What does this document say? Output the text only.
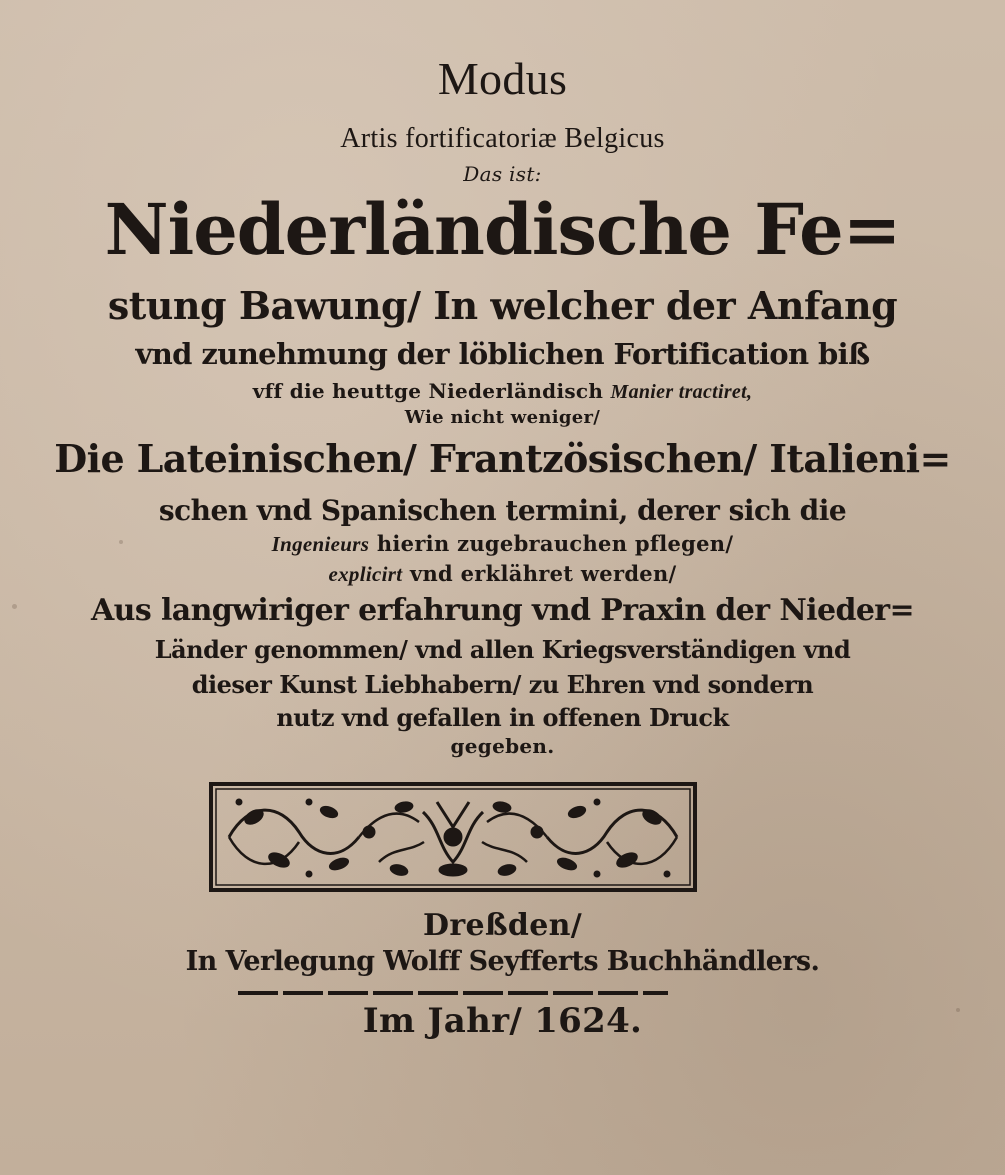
Modus
Artis fortificatoriæ Belgicus
Das ist:
Niederländische Fe=
stung Bawung/ In welcher der Anfang
vnd zunehmung der löblichen Fortification biß
vff die heuttge Niederländisch Manier tractiret,
Wie nicht weniger/
Die Lateinischen/ Frantzösischen/ Italieni=
schen vnd Spanischen termini, derer sich die
Ingenieurs hierin zugebrauchen pflegen/
explicirt vnd erklähret werden/
Aus langwiriger erfahrung vnd Praxin der Nieder=
Länder genommen/ vnd allen Kriegsverständigen vnd
dieser Kunst Liebhabern/ zu Ehren vnd sondern
nutz vnd gefallen in offenen Druck
gegeben.
Dreßden/
In Verlegung Wolff Seyfferts Buchhändlers.
Im Jahr/ 1624.
